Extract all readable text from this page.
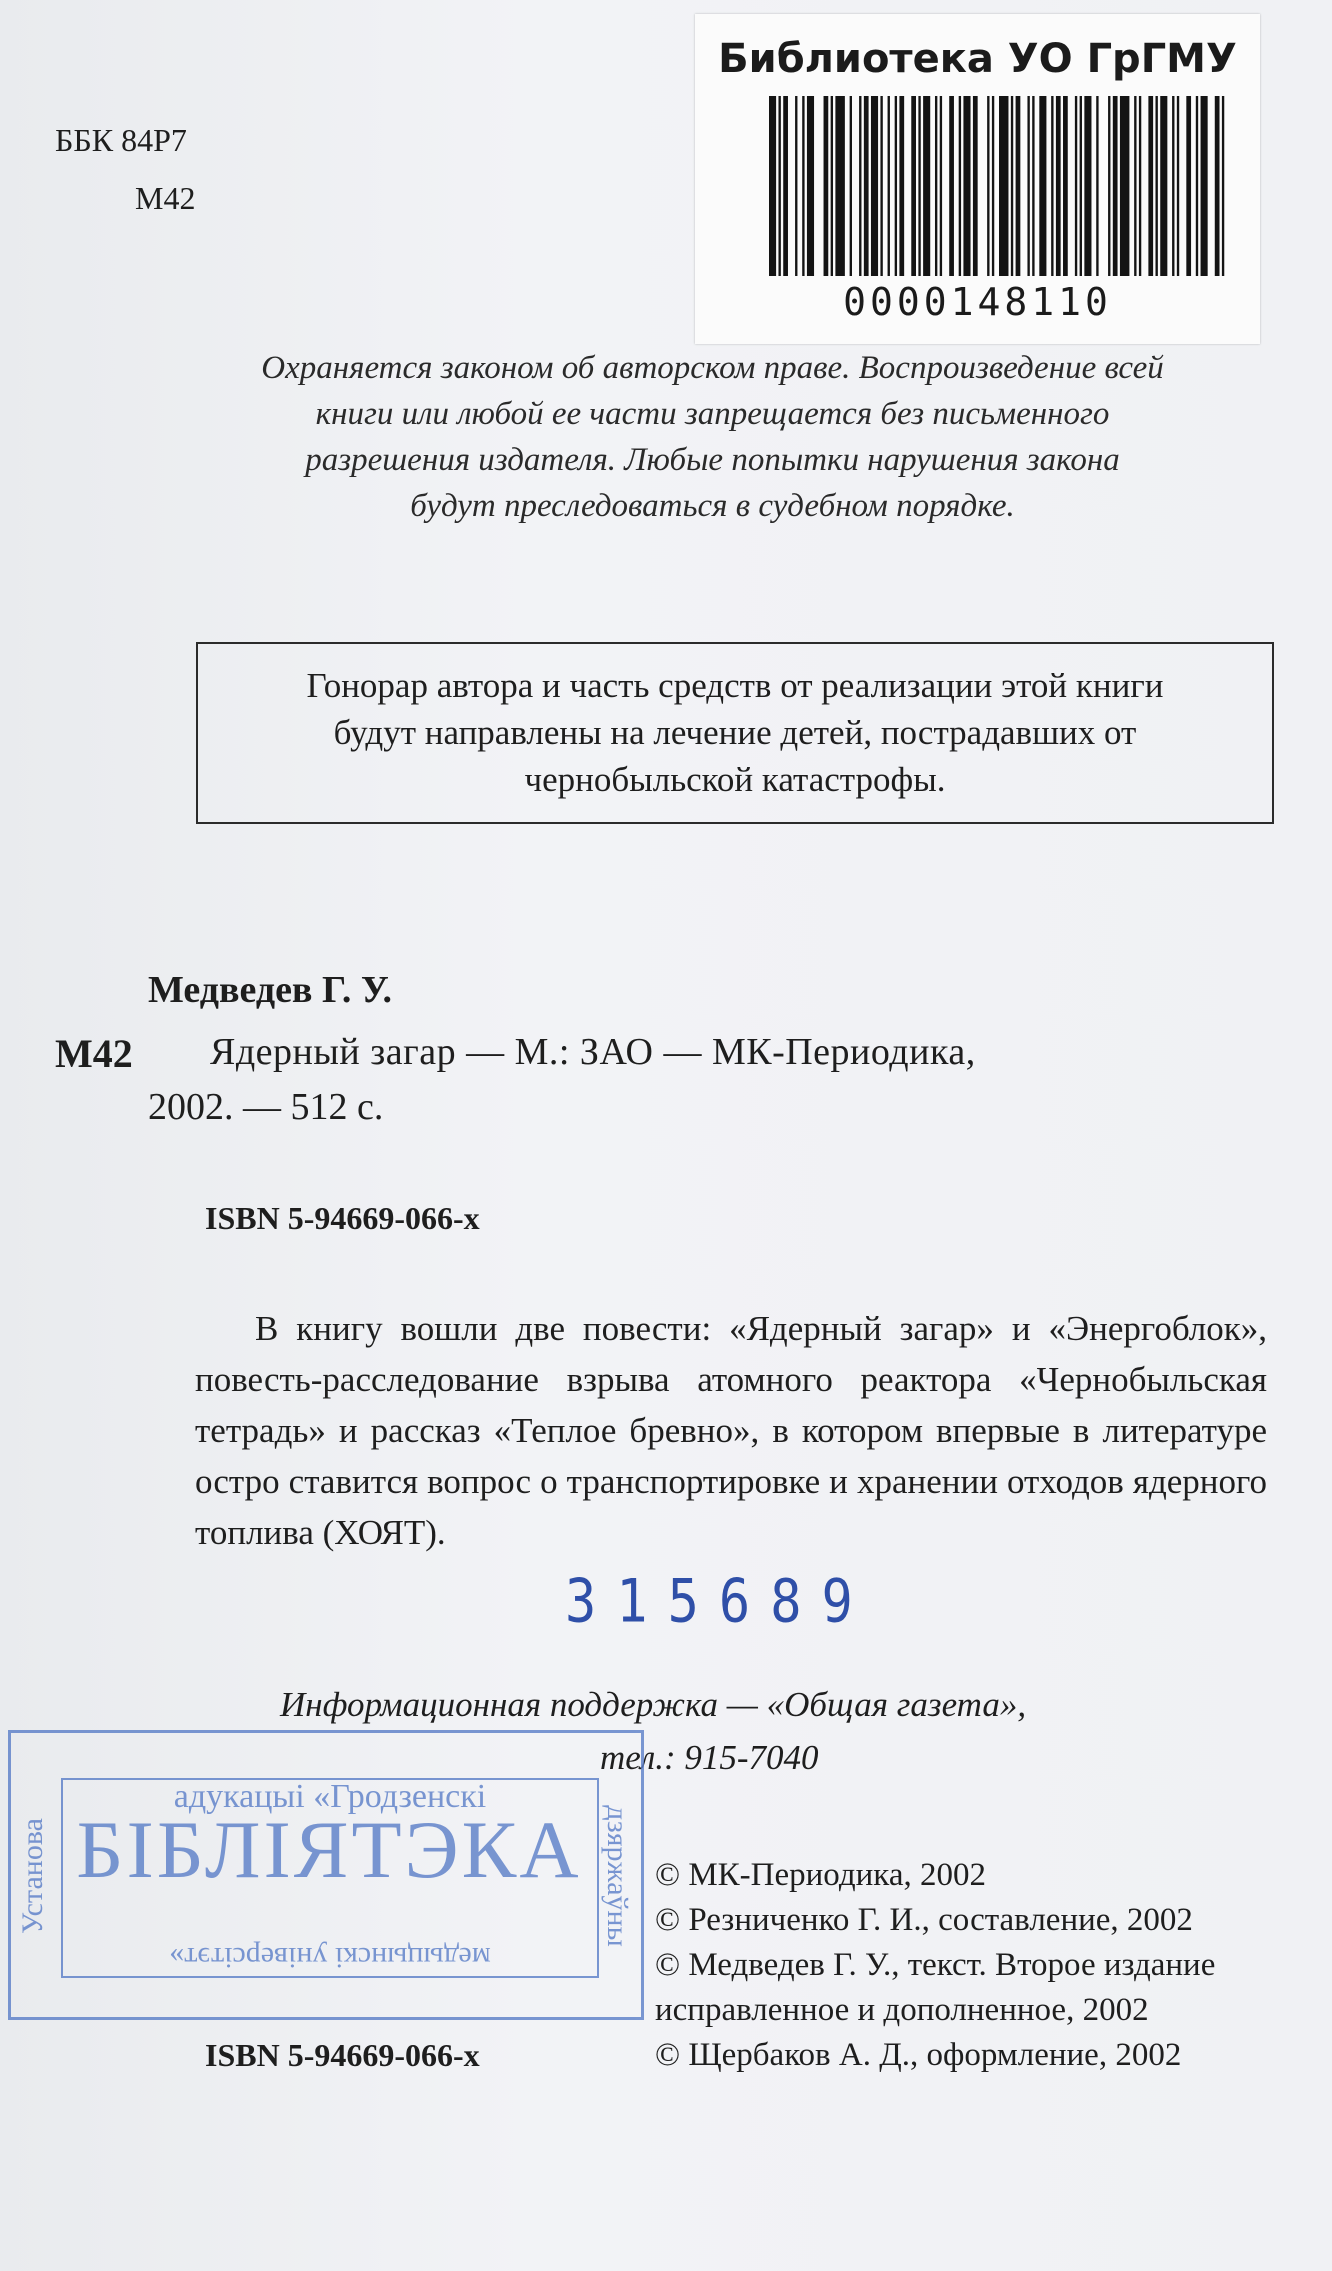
ББК 84Р7
М42
Библиотека УО ГрГМУ
0000148110
Охраняется законом об авторском праве. Воспроизведение всей
книги или любой ее части запрещается без письменного
разрешения издателя. Любые попытки нарушения закона
будут преследоваться в судебном порядке.
Гонорар автора и часть средств от реализации этой книги
будут направлены на лечение детей, пострадавших от
чернобыльской катастрофы.
Медведев Г. У.
М42 Ядерный загар — М.: ЗАО — МК-Периодика,
2002. — 512 с.
ISBN 5-94669-066-х

В книгу вошли две повести: «Ядерный загар» и «Энергоблок», повесть-расследование взрыва атомного реактора «Чернобыльская тетрадь» и рассказ «Теплое бревно», в котором впервые в литературе остро ставится вопрос о транспортировке и хранении отходов ядерного топлива (ХОЯТ).

315689
Информационная поддержка — «Общая газета»,
тел.: 915-7040
адукацыі «Гродзенскі
медыцынскі універсітэт»
БІБЛІЯТЭКА
Установа	дзяржаўны © МК-Периодика, 2002
© Резниченко Г. И., составление, 2002
© Медведев Г. У., текст. Второе издание
исправленное и дополненное, 2002
© Щербаков А. Д., оформление, 2002
ISBN 5-94669-066-х
